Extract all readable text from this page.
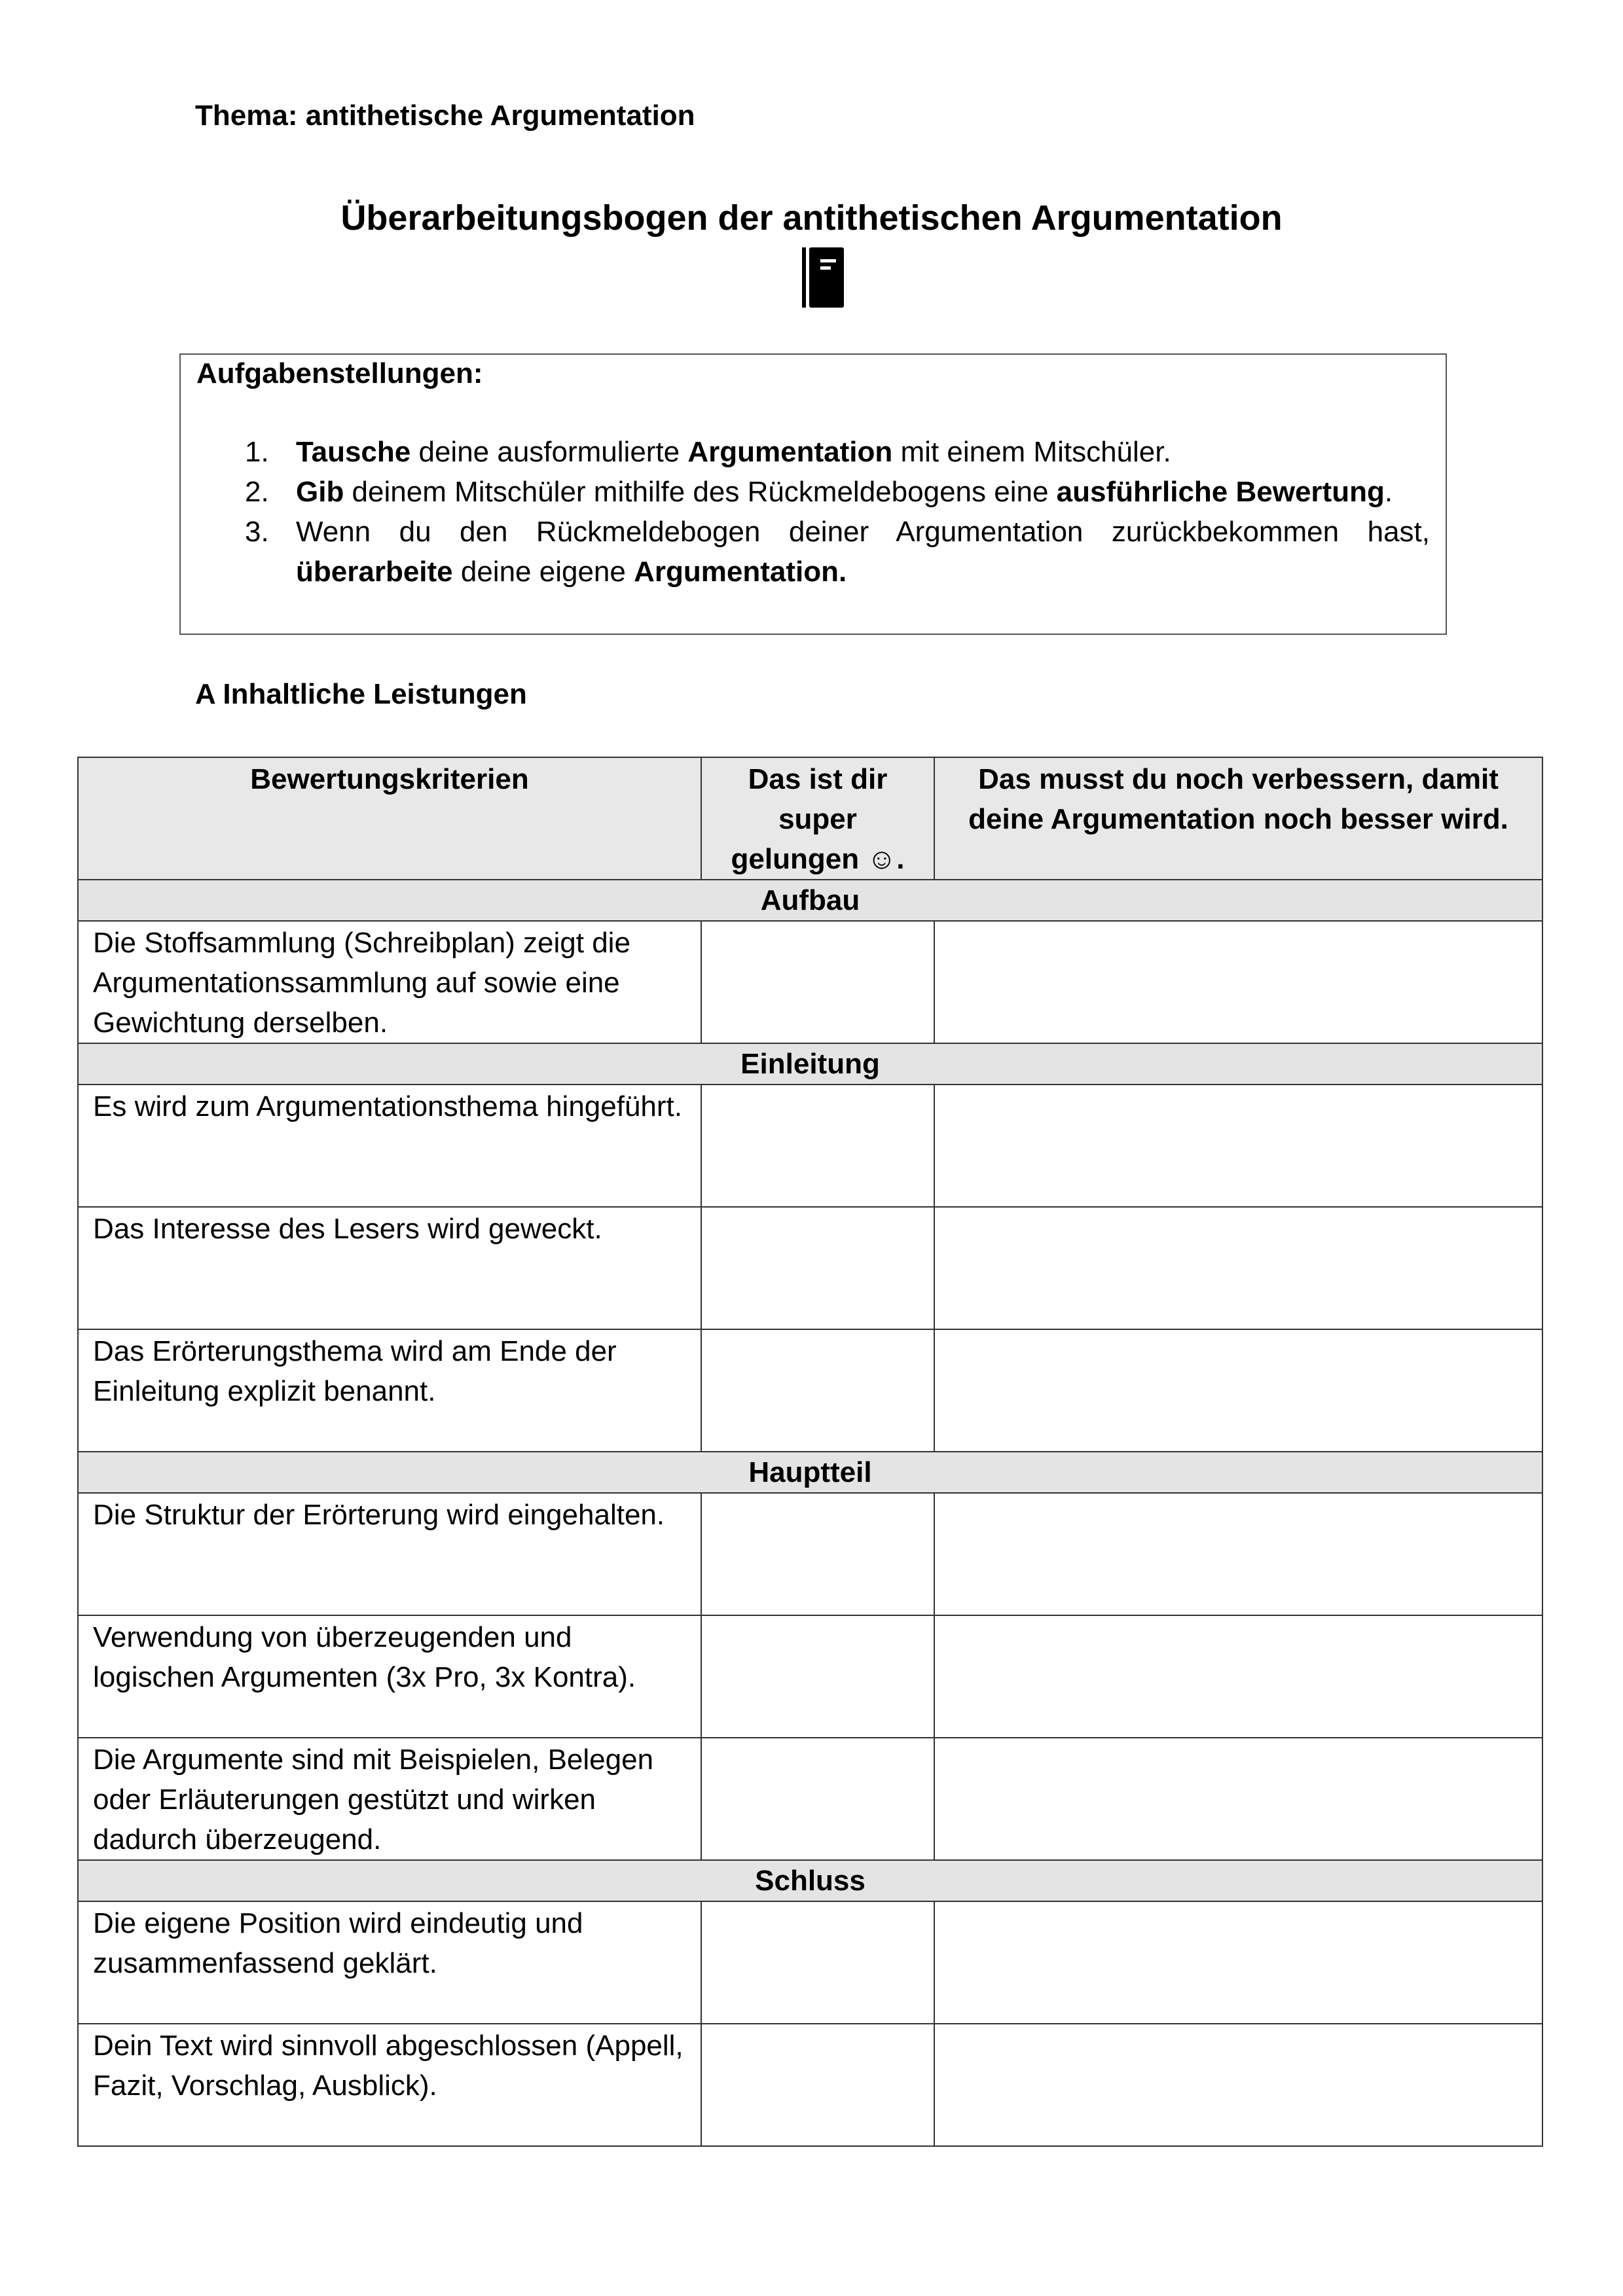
Thema: antithetische Argumentation
Überarbeitungsbogen der antithetischen Argumentation
Aufgabenstellungen:
1. Tausche deine ausformulierte Argumentation mit einem Mitschüler.
2. Gib deinem Mitschüler mithilfe des Rückmeldebogens eine ausführliche Bewertung.
3. Wenn du den Rückmeldebogen deiner Argumentation zurückbekommen hast, überarbeite deine eigene Argumentation.
A Inhaltliche Leistungen
Bewertungskriterien	Das ist dir super gelungen ☺.	Das musst du noch verbessern, damit deine Argumentation noch besser wird.
Aufbau		
Die Stoffsammlung (Schreibplan) zeigt die Argumentationssammlung auf sowie eine Gewichtung derselben.		
Einleitung		
Es wird zum Argumentationsthema hingeführt.		
Das Interesse des Lesers wird geweckt.		
Das Erörterungsthema wird am Ende der Einleitung explizit benannt.		
Hauptteil		
Die Struktur der Erörterung wird eingehalten.		
Verwendung von überzeugenden und logischen Argumenten (3x Pro, 3x Kontra).		
Die Argumente sind mit Beispielen, Belegen oder Erläuterungen gestützt und wirken dadurch überzeugend.		
Schluss		
Die eigene Position wird eindeutig und zusammenfassend geklärt.		
Dein Text wird sinnvoll abgeschlossen (Appell, Fazit, Vorschlag, Ausblick).		
